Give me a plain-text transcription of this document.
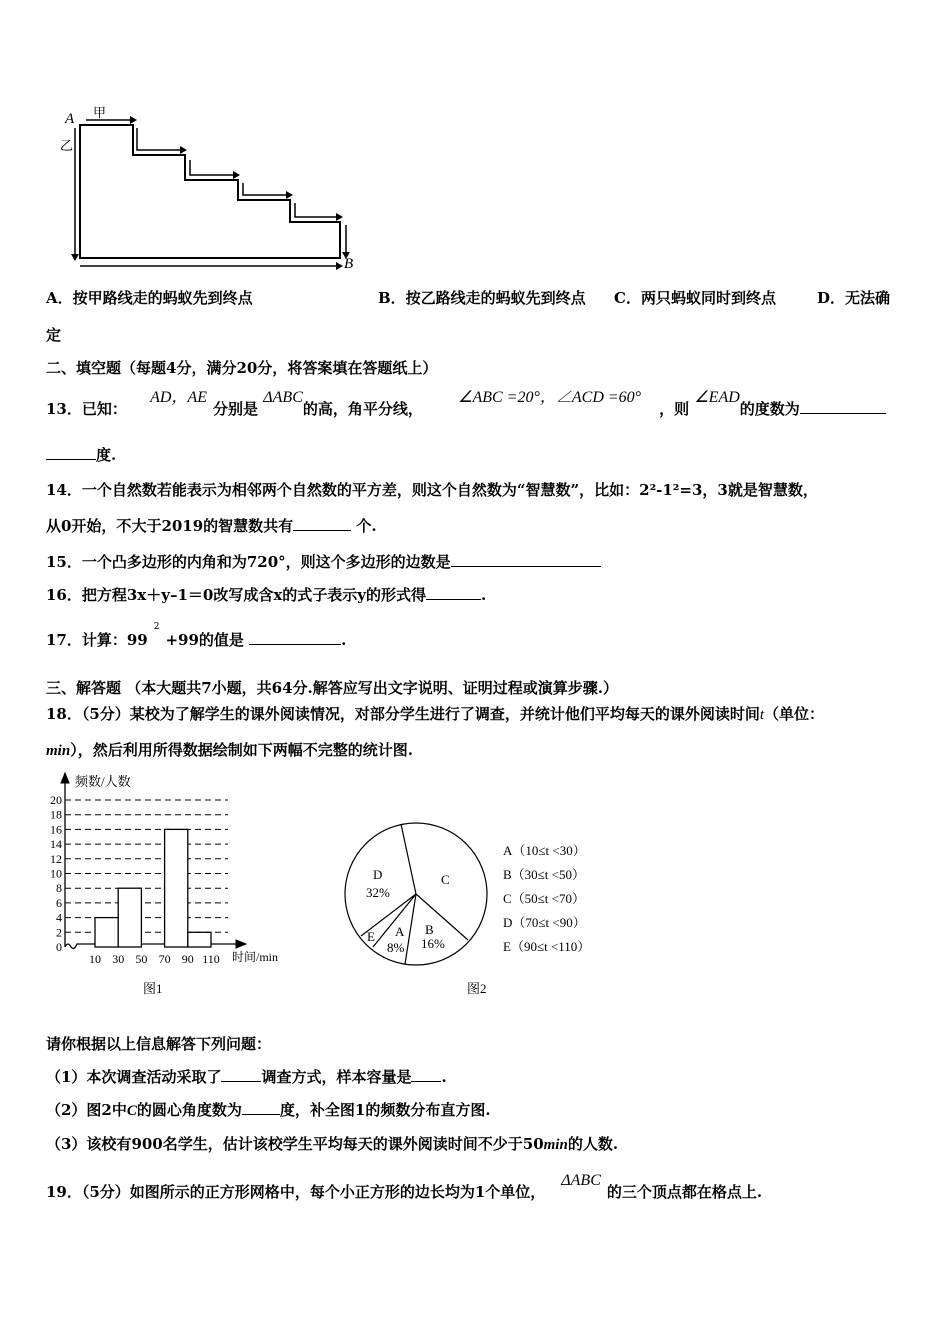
A 甲
乙
B
A．按甲路线走的蚂蚁先到终点	B．按乙路线走的蚂蚁先到终点 C．两只蚂蚁同时到终点	D．无法确
定
二、填空题（每题4分，满分20分，将答案填在答题纸上）
13．已知： AD，AE分别是 ΔABC的高，角平分线， ∠ABC =20°，∠ACD =60°，则 ∠EAD的度数为
度.
14．一个自然数若能表示为相邻两个自然数的平方差，则这个自然数为“智慧数”，比如：2²-1²=3，3就是智慧数，
从0开始，不大于2019的智慧数共有	个.
15．一个凸多边形的内角和为720°，则这个多边形的边数是
16．把方程3x＋y–1＝0改写成含x的式子表示y的形式得	.
17．计算：$99^2+99$的值是	.
三、解答题 （本大题共7小题，共64分.解答应写出文字说明、证明过程或演算步骤.）
18．（5分）某校为了解学生的课外阅读情况，对部分学生进行了调查，并统计他们平均每天的课外阅读时间t（单位：
min），然后利用所得数据绘制如下两幅不完整的统计图.
频数/人数
时间/min
图1
0
2
4
6
8
10
12
14
16
18
20
10 30 50 70 90 110
D
32%
C
B
16%
A
8%
E
A（10≤t <30）
B（30≤t <50）
C（50≤t <70）
D（70≤t <90）
E（90≤t <110）
图2
请你根据以上信息解答下列问题：
（1）本次调查活动采取了	调查方式，样本容量是 .
（2）图2中C的圆心角度数为	度，补全图1的频数分布直方图.
（3）该校有900名学生，估计该校学生平均每天的课外阅读时间不少于50min的人数.
19．（5分）如图所示的正方形网格中，每个小正方形的边长均为1个单位，ΔABC的三个顶点都在格点上.
